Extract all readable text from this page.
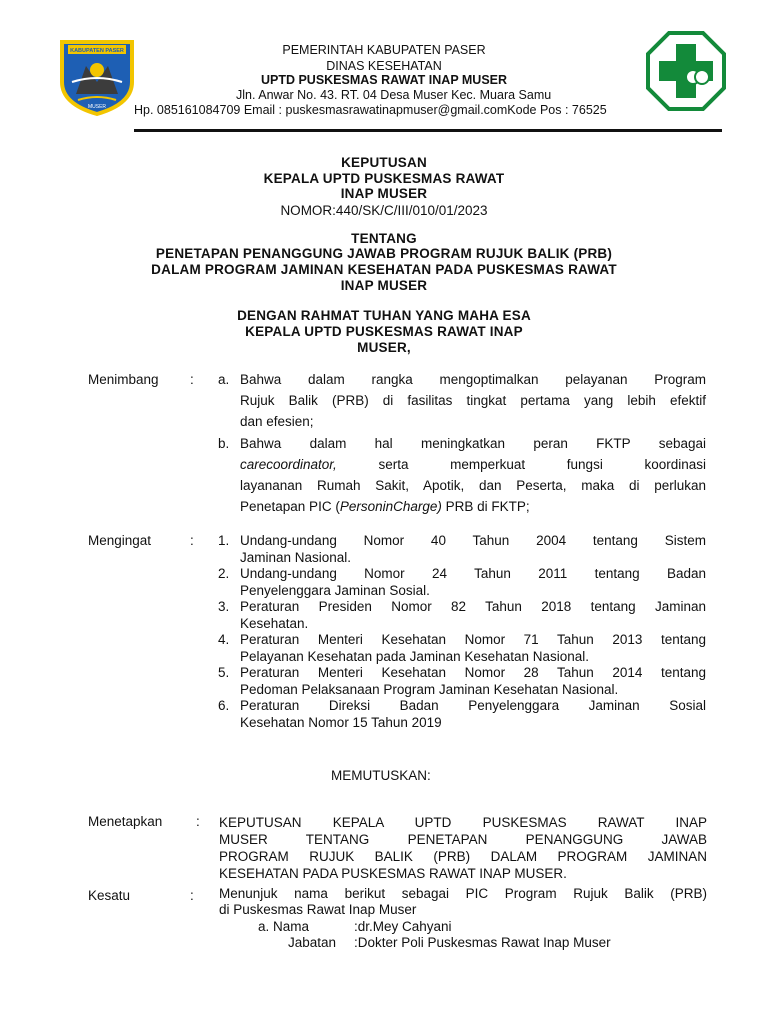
KABUPATEN PASER
MUSER
PEMERINTAH KABUPATEN PASER
DINAS KESEHATAN
UPTD PUSKESMAS RAWAT INAP MUSER
Jln. Anwar No. 43. RT. 04 Desa Muser Kec. Muara Samu
Hp. 085161084709 Email : puskesmasrawatinapmuser@gmail.comKode Pos : 76525
KEPUTUSAN
KEPALA UPTD PUSKESMAS RAWAT
INAP MUSER
NOMOR:440/SK/C/III/010/01/2023
TENTANG
PENETAPAN PENANGGUNG JAWAB PROGRAM RUJUK BALIK (PRB)
DALAM PROGRAM JAMINAN KESEHATAN PADA PUSKESMAS RAWAT
INAP MUSER
DENGAN RAHMAT TUHAN YANG MAHA ESA
KEPALA UPTD PUSKESMAS RAWAT INAP
MUSER,
Menimbang : a. Bahwa dalam rangka mengoptimalkan pelayanan Program
Rujuk Balik (PRB) di fasilitas tingkat pertama yang lebih efektif
dan efesien;
b. Bahwa dalam hal meningkatkan peran FKTP sebagai
carecoordinator,	serta memperkuat fungsi koordinasi
layananan Rumah Sakit, Apotik, dan Peserta, maka di perlukan
Penetapan PIC (PersoninCharge) PRB di FKTP;
Mengingat	: 1. Undang-undang Nomor 40 Tahun 2004 tentang Sistem
Jaminan Nasional.
2. Undang-undang Nomor 24 Tahun 2011 tentang Badan
Penyelenggara Jaminan Sosial.
3. Peraturan Presiden Nomor 82 Tahun 2018 tentang Jaminan
Kesehatan.
4. Peraturan Menteri Kesehatan Nomor 71 Tahun 2013 tentang
Pelayanan Kesehatan pada Jaminan Kesehatan Nasional.
5. Peraturan Menteri Kesehatan Nomor 28 Tahun 2014 tentang
Pedoman Pelaksanaan Program Jaminan Kesehatan Nasional.
6. Peraturan Direksi Badan Penyelenggara Jaminan Sosial
Kesehatan Nomor 15 Tahun 2019
MEMUTUSKAN:
Menetapkan : KEPUTUSAN KEPALA UPTD PUSKESMAS RAWAT INAP
MUSER TENTANG PENETAPAN PENANGGUNG JAWAB
PROGRAM RUJUK BALIK (PRB) DALAM PROGRAM JAMINAN
KESEHATAN PADA PUSKESMAS RAWAT INAP MUSER.
Kesatu	: Menunjuk nama berikut sebagai PIC Program Rujuk Balik (PRB)
di Puskesmas Rawat Inap Muser
a. Nama	:dr.Mey Cahyani
Jabatan :Dokter Poli Puskesmas Rawat Inap Muser
